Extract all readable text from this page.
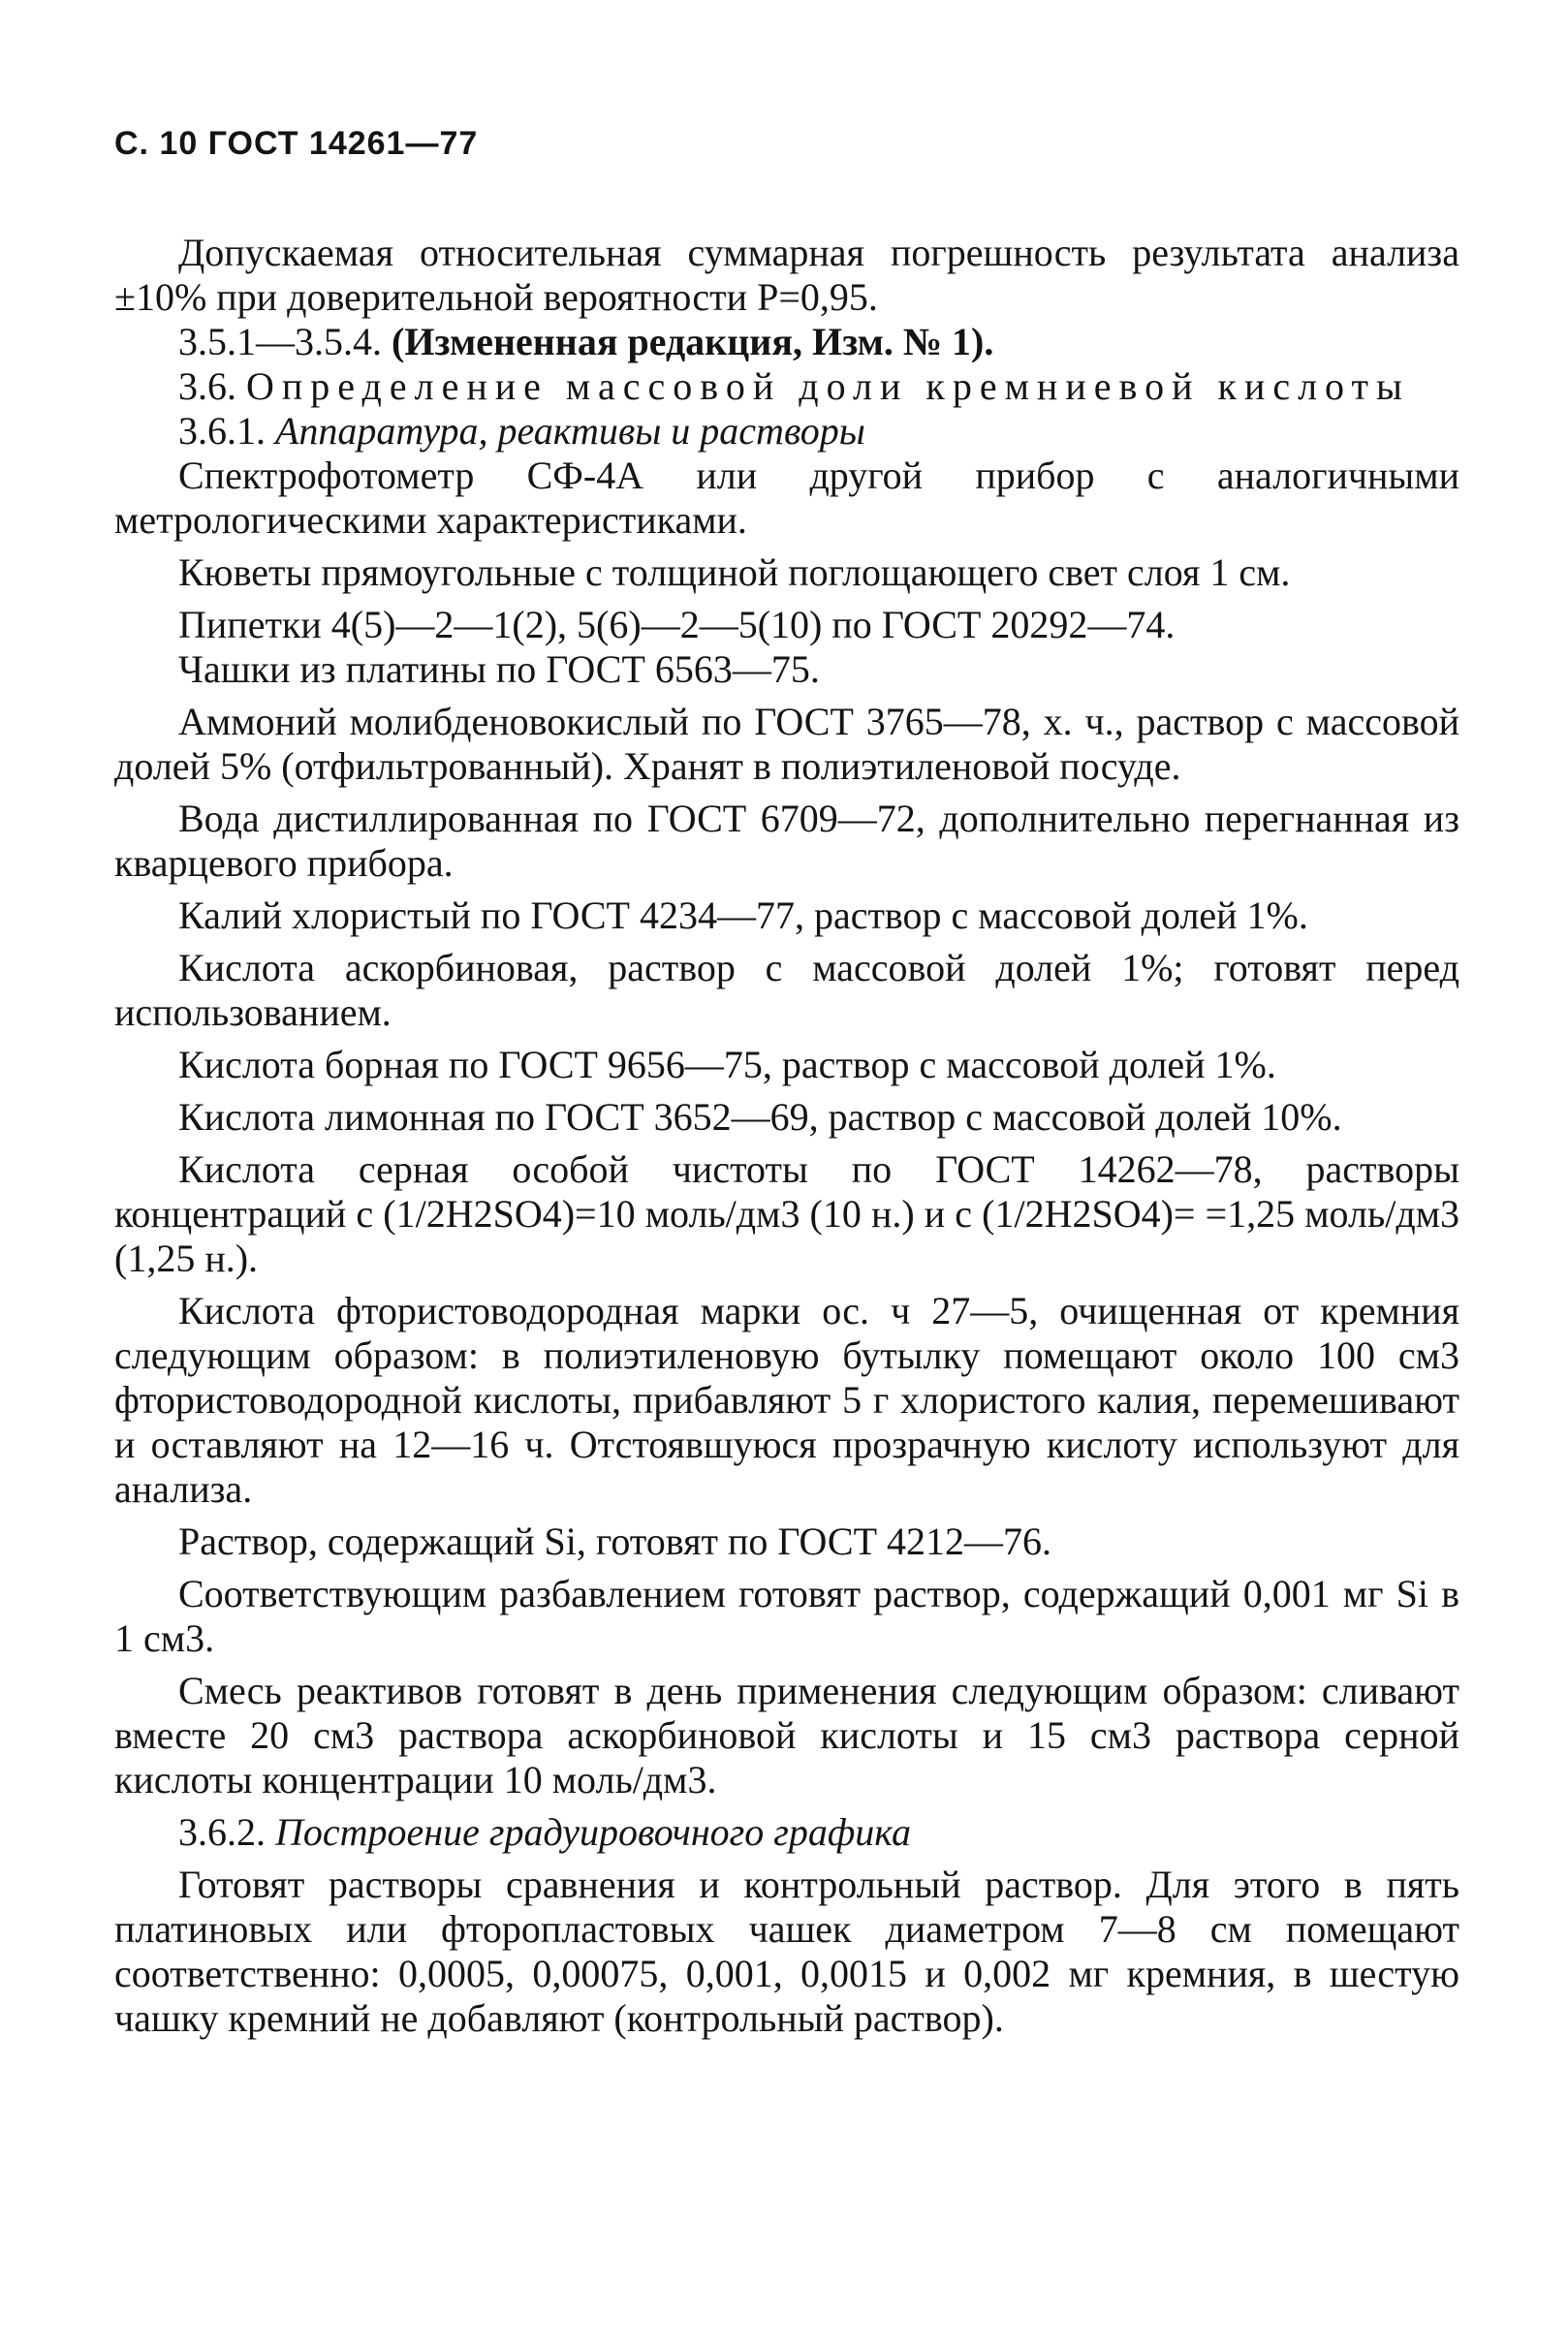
С. 10 ГОСТ 14261—77

Допускаемая относительная суммарная погрешность результата анализа ±10% при доверительной вероятности P=0,95.

3.5.1—3.5.4. (Измененная редакция, Изм. № 1).

3.6. Определение массовой доли кремниевой кислоты

3.6.1. Аппаратура, реактивы и растворы

Спектрофотометр СФ-4А или другой прибор с аналогичными метрологическими характеристиками.

Кюветы прямоугольные с толщиной поглощающего свет слоя 1 см.

Пипетки 4(5)—2—1(2), 5(6)—2—5(10) по ГОСТ 20292—74.

Чашки из платины по ГОСТ 6563—75.

Аммоний молибденовокислый по ГОСТ 3765—78, х. ч., раствор с массовой долей 5% (отфильтрованный). Хранят в полиэтиленовой посуде.

Вода дистиллированная по ГОСТ 6709—72, дополнительно перегнанная из кварцевого прибора.

Калий хлористый по ГОСТ 4234—77, раствор с массовой долей 1%.

Кислота аскорбиновая, раствор с массовой долей 1%; готовят перед использованием.

Кислота борная по ГОСТ 9656—75, раствор с массовой долей 1%.

Кислота лимонная по ГОСТ 3652—69, раствор с массовой долей 10%.

Кислота серная особой чистоты по ГОСТ 14262—78, растворы концентраций c (1/2H2SO4)=10 моль/дм3 (10 н.) и c (1/2H2SO4)= =1,25 моль/дм3 (1,25 н.).

Кислота фтористоводородная марки ос. ч 27—5, очищенная от кремния следующим образом: в полиэтиленовую бутылку помещают около 100 см3 фтористоводородной кислоты, прибавляют 5 г хлористого калия, перемешивают и оставляют на 12—16 ч. Отстоявшуюся прозрачную кислоту используют для анализа.

Раствор, содержащий Si, готовят по ГОСТ 4212—76.

Соответствующим разбавлением готовят раствор, содержащий 0,001 мг Si в 1 см3.

Смесь реактивов готовят в день применения следующим образом: сливают вместе 20 см3 раствора аскорбиновой кислоты и 15 см3 раствора серной кислоты концентрации 10 моль/дм3.

3.6.2. Построение градуировочного графика

Готовят растворы сравнения и контрольный раствор. Для этого в пять платиновых или фторопластовых чашек диаметром 7—8 см помещают соответственно: 0,0005, 0,00075, 0,001, 0,0015 и 0,002 мг кремния, в шестую чашку кремний не добавляют (контрольный раствор).
